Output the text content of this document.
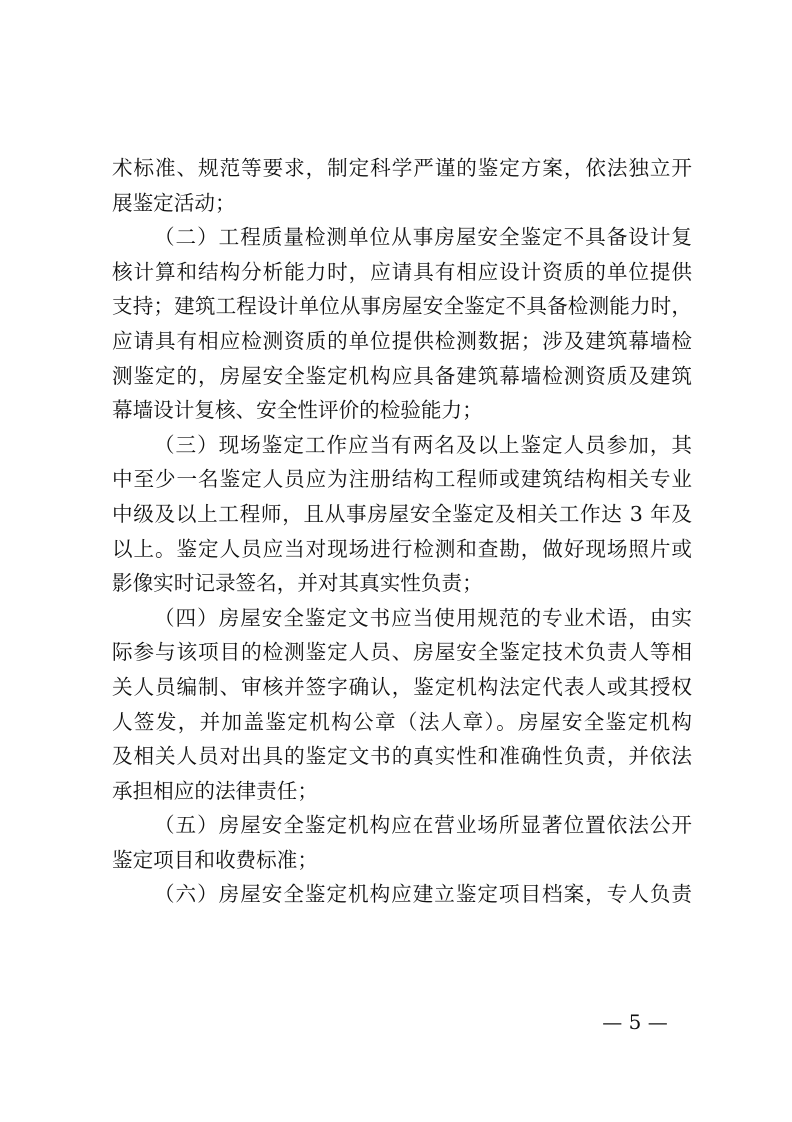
术标准、规范等要求，制定科学严谨的鉴定方案，依法独立开
展鉴定活动；
（二）工程质量检测单位从事房屋安全鉴定不具备设计复
核计算和结构分析能力时，应请具有相应设计资质的单位提供
支持；建筑工程设计单位从事房屋安全鉴定不具备检测能力时，
应请具有相应检测资质的单位提供检测数据；涉及建筑幕墙检
测鉴定的，房屋安全鉴定机构应具备建筑幕墙检测资质及建筑
幕墙设计复核、安全性评价的检验能力；
（三）现场鉴定工作应当有两名及以上鉴定人员参加，其
中至少一名鉴定人员应为注册结构工程师或建筑结构相关专业
中级及以上工程师，且从事房屋安全鉴定及相关工作达 3 年及
以上。鉴定人员应当对现场进行检测和查勘，做好现场照片或
影像实时记录签名，并对其真实性负责；
（四）房屋安全鉴定文书应当使用规范的专业术语，由实
际参与该项目的检测鉴定人员、房屋安全鉴定技术负责人等相
关人员编制、审核并签字确认，鉴定机构法定代表人或其授权
人签发，并加盖鉴定机构公章（法人章）。房屋安全鉴定机构
及相关人员对出具的鉴定文书的真实性和准确性负责，并依法
承担相应的法律责任；
（五）房屋安全鉴定机构应在营业场所显著位置依法公开
鉴定项目和收费标准；
（六）房屋安全鉴定机构应建立鉴定项目档案，专人负责
— 5 —
